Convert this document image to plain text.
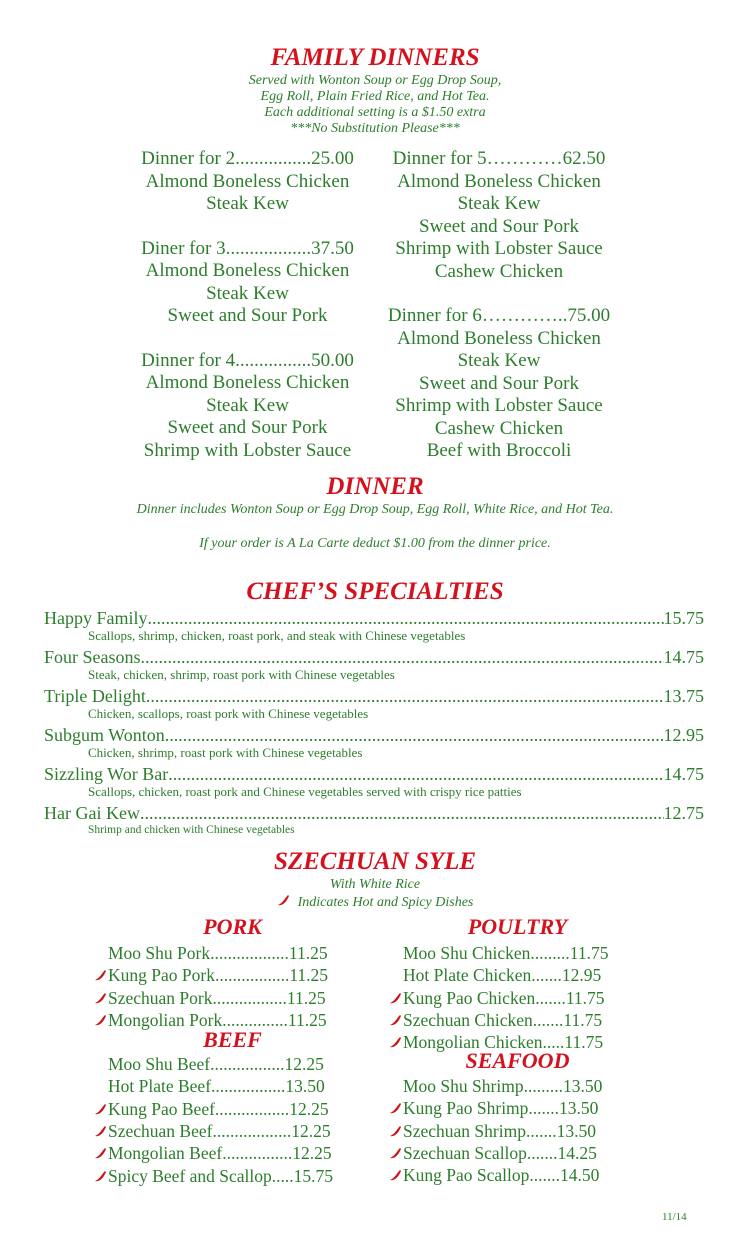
FAMILY DINNERS
Served with Wonton Soup or Egg Drop Soup,
Egg Roll, Plain Fried Rice, and Hot Tea.
Each additional setting is a $1.50 extra
***No Substitution Please***
Dinner for 2................25.00
Almond Boneless Chicken
Steak Kew
Diner for 3..................37.50
Almond Boneless Chicken
Steak Kew
Sweet and Sour Pork
Dinner for 4................50.00
Almond Boneless Chicken
Steak Kew
Sweet and Sour Pork
Shrimp with Lobster Sauce
Dinner for 5…………62.50
Almond Boneless Chicken
Steak Kew
Sweet and Sour Pork
Shrimp with Lobster Sauce
Cashew Chicken
Dinner for 6…………..75.00
Almond Boneless Chicken
Steak Kew
Sweet and Sour Pork
Shrimp with Lobster Sauce
Cashew Chicken
Beef with Broccoli
DINNER
Dinner includes Wonton Soup or Egg Drop Soup, Egg Roll, White Rice, and Hot Tea.
If your order is A La Carte deduct $1.00 from the dinner price.
CHEF’S SPECIALTIES
Happy Family .....	15.75
Scallops, shrimp, chicken, roast pork, and steak with Chinese vegetables
Four Seasons .....	14.75
Steak, chicken, shrimp, roast pork with Chinese vegetables
Triple Delight .....	13.75
Chicken, scallops, roast pork with Chinese vegetables
Subgum Wonton .....	12.95
Chicken, shrimp, roast pork with Chinese vegetables
Sizzling Wor Bar .....	14.75
Scallops, chicken, roast pork and Chinese vegetables served with crispy rice patties
Har Gai Kew .....	12.75
Shrimp and chicken with Chinese vegetables
SZECHUAN SYLE
With White Rice
Indicates Hot and Spicy Dishes
PORK
Moo Shu Pork..................11.25
Kung Pao Pork.................11.25
Szechuan Pork.................11.25
Mongolian Pork...............11.25
BEEF
Moo Shu Beef.................12.25
Hot Plate Beef.................13.50
Kung Pao Beef.................12.25
Szechuan Beef..................12.25
Mongolian Beef................12.25
Spicy Beef and Scallop.....15.75
POULTRY
Moo Shu Chicken.........11.75
Hot Plate Chicken.......12.95
Kung Pao Chicken.......11.75
Szechuan Chicken.......11.75
Mongolian Chicken.....11.75
SEAFOOD
Moo Shu Shrimp.........13.50
Kung Pao Shrimp.......13.50
Szechuan Shrimp.......13.50
Szechuan Scallop.......14.25
Kung Pao Scallop.......14.50
11/14
